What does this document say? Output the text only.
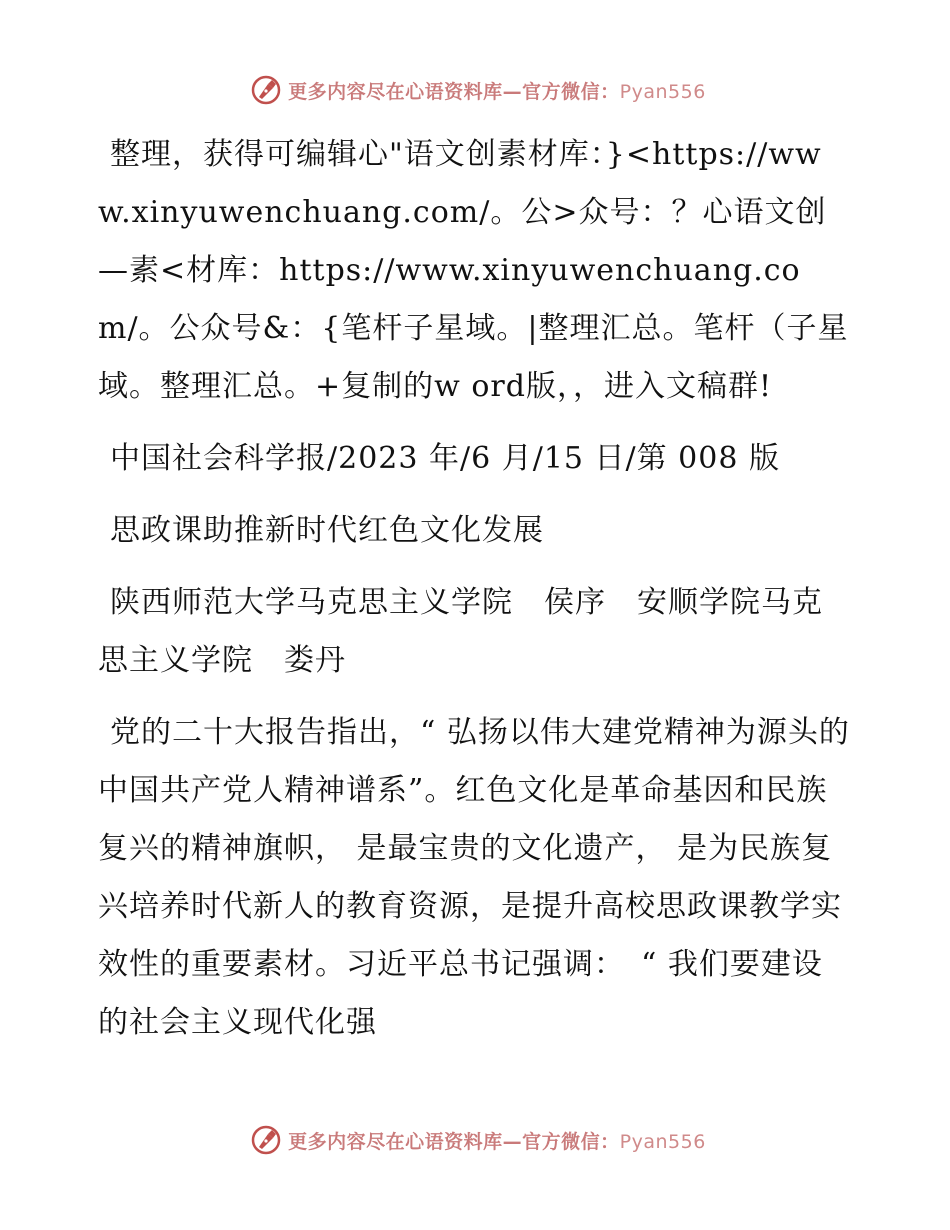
更多内容尽在心语资料库—官方微信：Pyan556

整理，获得可编辑心"语文创素材库：}<https://www.xinyuwenchuang.com/。公>众号：？心语文创—素<材库：https://www.xinyuwenchuang.com/。公众号&：{笔杆子星域。|整理汇总。笔杆（子星域。整理汇总。+复制的w ord版，，进入文稿群!

中国社会科学报/2023 年/6 月/15 日/第 008 版

思政课助推新时代红色文化发展

陕西师范大学马克思主义学院　侯序　安顺学院马克思主义学院　娄丹

党的二十大报告指出，“ 弘扬以伟大建党精神为源头的中国共产党人精神谱系”。红色文化是革命基因和民族复兴的精神旗帜， 是最宝贵的文化遗产， 是为民族复兴培养时代新人的教育资源，是提升高校思政课教学实效性的重要素材。习近平总书记强调：　“ 我们要建设的社会主义现代化强

更多内容尽在心语资料库—官方微信：Pyan556
